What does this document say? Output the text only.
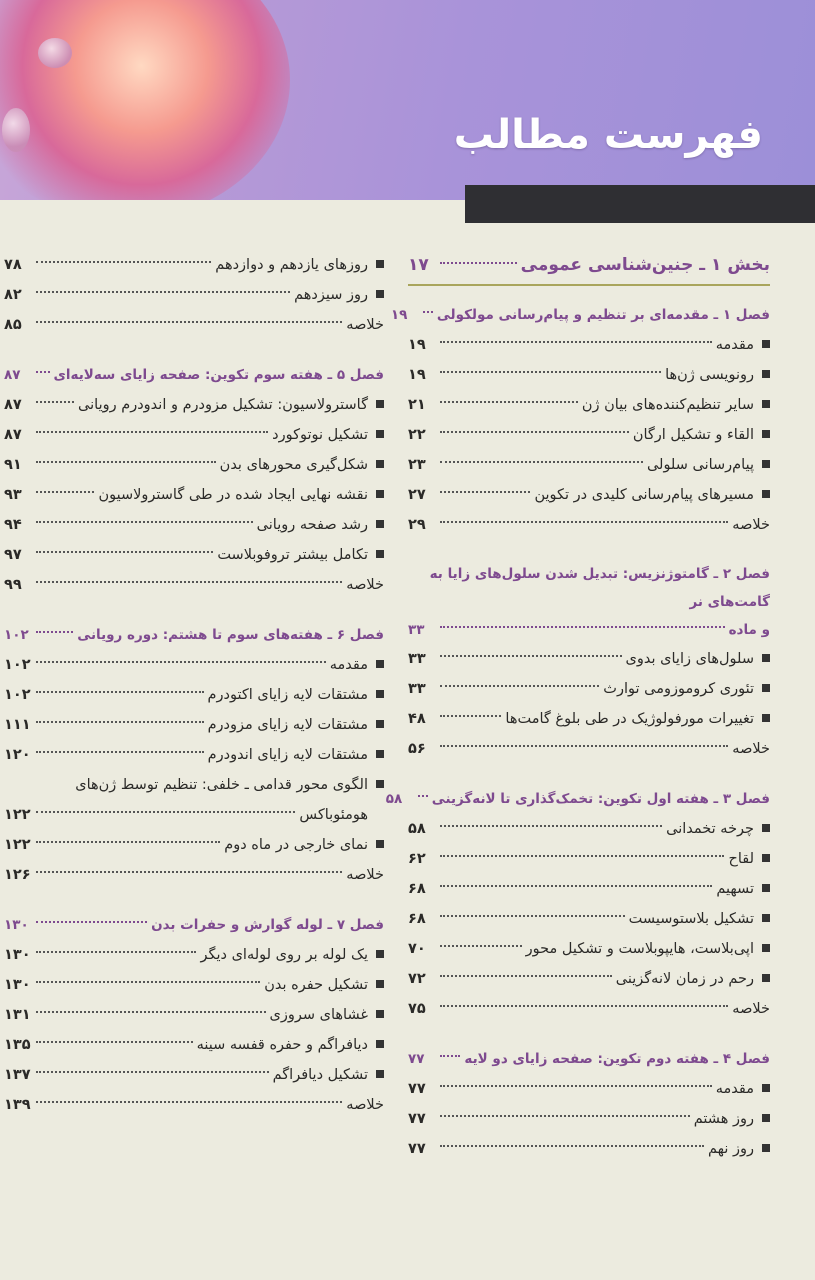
فهرست مطالب
بخش ۱ ـ جنین‌شناسی عمومی
۱۷
فصل ۱ ـ مقدمه‌ای بر تنظیم و پیام‌رسانی مولکولی
۱۹
مقدمه
۱۹
رونویسی ژن‌ها
۱۹
سایر تنظیم‌کننده‌های بیان ژن
۲۱
القاء و تشکیل ارگان
۲۲
پیام‌رسانی سلولی
۲۳
مسیرهای پیام‌رسانی کلیدی در تکوین
۲۷
خلاصه
۲۹
فصل ۲ ـ گامتوژنزیس: تبدیل شدن سلول‌های زایا به گامت‌های نر
و ماده
۳۳
سلول‌های زایای بدوی
۳۳
تئوری کروموزومی توارث
۳۳
تغییرات مورفولوژیک در طی بلوغ گامت‌ها
۴۸
خلاصه
۵۶
فصل ۳ ـ هفته اول تکوین: تخمک‌گذاری تا لانه‌گزینی
۵۸
چرخه تخمدانی
۵۸
لقاح
۶۲
تسهیم
۶۸
تشکیل بلاستوسیست
۶۸
اپی‌بلاست، هایپوبلاست و تشکیل محور
۷۰
رحم در زمان لانه‌گزینی
۷۲
خلاصه
۷۵
فصل ۴ ـ هفته دوم تکوین: صفحه زایای دو لایه
۷۷
مقدمه
۷۷
روز هشتم
۷۷
روز نهم
۷۷
روزهای یازدهم و دوازدهم
۷۸
روز سیزدهم
۸۲
خلاصه
۸۵
فصل ۵ ـ هفته سوم تکوین: صفحه زایای سه‌لایه‌ای
۸۷
گاسترولاسیون: تشکیل مزودرم و اندودرم رویانی
۸۷
تشکیل نوتوکورد
۸۷
شکل‌گیری محورهای بدن
۹۱
نقشه نهایی ایجاد شده در طی گاسترولاسیون
۹۳
رشد صفحه رویانی
۹۴
تکامل بیشتر تروفوبلاست
۹۷
خلاصه
۹۹
فصل ۶ ـ هفته‌های سوم تا هشتم: دوره رویانی
۱۰۲
مقدمه
۱۰۲
مشتقات لایه زایای اکتودرم
۱۰۲
مشتقات لایه زایای مزودرم
۱۱۱
مشتقات لایه زایای اندودرم
۱۲۰
الگوی محور قدامی ـ خلفی: تنظیم توسط ژن‌های
هومئوباکس
۱۲۲
نمای خارجی در ماه دوم
۱۲۲
خلاصه
۱۲۶
فصل ۷ ـ لوله گوارش و حفرات بدن
۱۳۰
یک لوله بر روی لوله‌ای دیگر
۱۳۰
تشکیل حفره بدن
۱۳۰
غشاهای سروزی
۱۳۱
دیافراگم و حفره قفسه سینه
۱۳۵
تشکیل دیافراگم
۱۳۷
خلاصه
۱۳۹
